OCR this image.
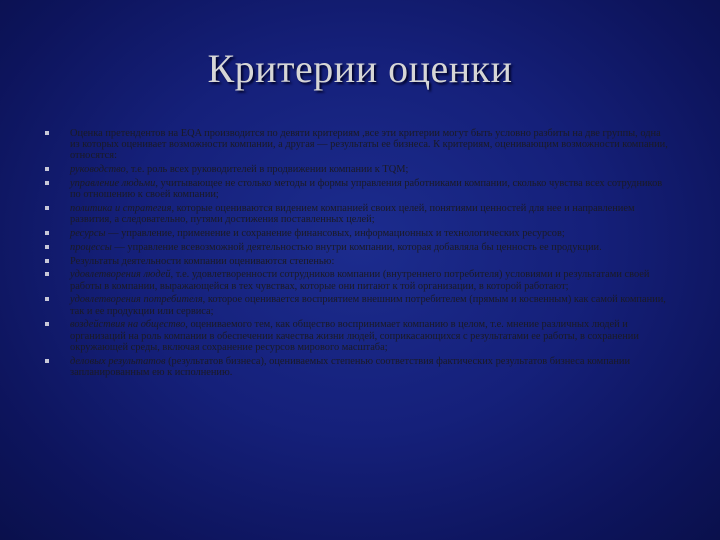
Критерии оценки
Оценка претендентов на EQA производится по девяти критериям ,все эти критерии могут быть условно разбиты на две группы, одна из которых оценивает возможности компании, а другая — результаты ее бизнеса. К критериям, оценивающим возможности компании, относятся:
руководство, т.е. роль всех руководителей в продвижении компании к TQM;
управление людьми, учитывающее не столько методы и формы управления работниками компании, сколько чувства всех сотрудников по отношению к своей компании;
политика и стратегия, которые оцениваются видением компанией своих целей, понятиями ценностей для нее и направлением развития, а следовательно, путями достижения поставленных целей;
ресурсы — управление, применение и сохранение финансовых, информационных и технологических ресурсов;
процессы — управление всевозможной деятельностью внутри компании, которая добавляла бы ценность ее продукции.
Результаты деятельности компании оцениваются степенью:
удовлетворения людей, т.е. удовлетворенности сотрудников компании (внутреннего потребителя) условиями и результатами своей работы в компании, выражающейся в тех чувствах, которые они питают к той организации, в которой работают;
удовлетворения потребителя, которое оценивается восприятием внешним потребителем (прямым и косвенным) как самой компании, так и ее продукции или сервиса;
воздействия на общество, оцениваемого тем, как общество воспринимает компанию в целом, т.е. мнение различных людей и организаций на роль компании в обеспечении качества жизни людей, соприкасающихся с результатами ее работы, в сохранении окружающей среды, включая сохранение ресурсов мирового масштаба;
деловых результатов (результатов бизнеса), оцениваемых степенью соответствия фактических результатов бизнеса компании запланированным ею к исполнению.
